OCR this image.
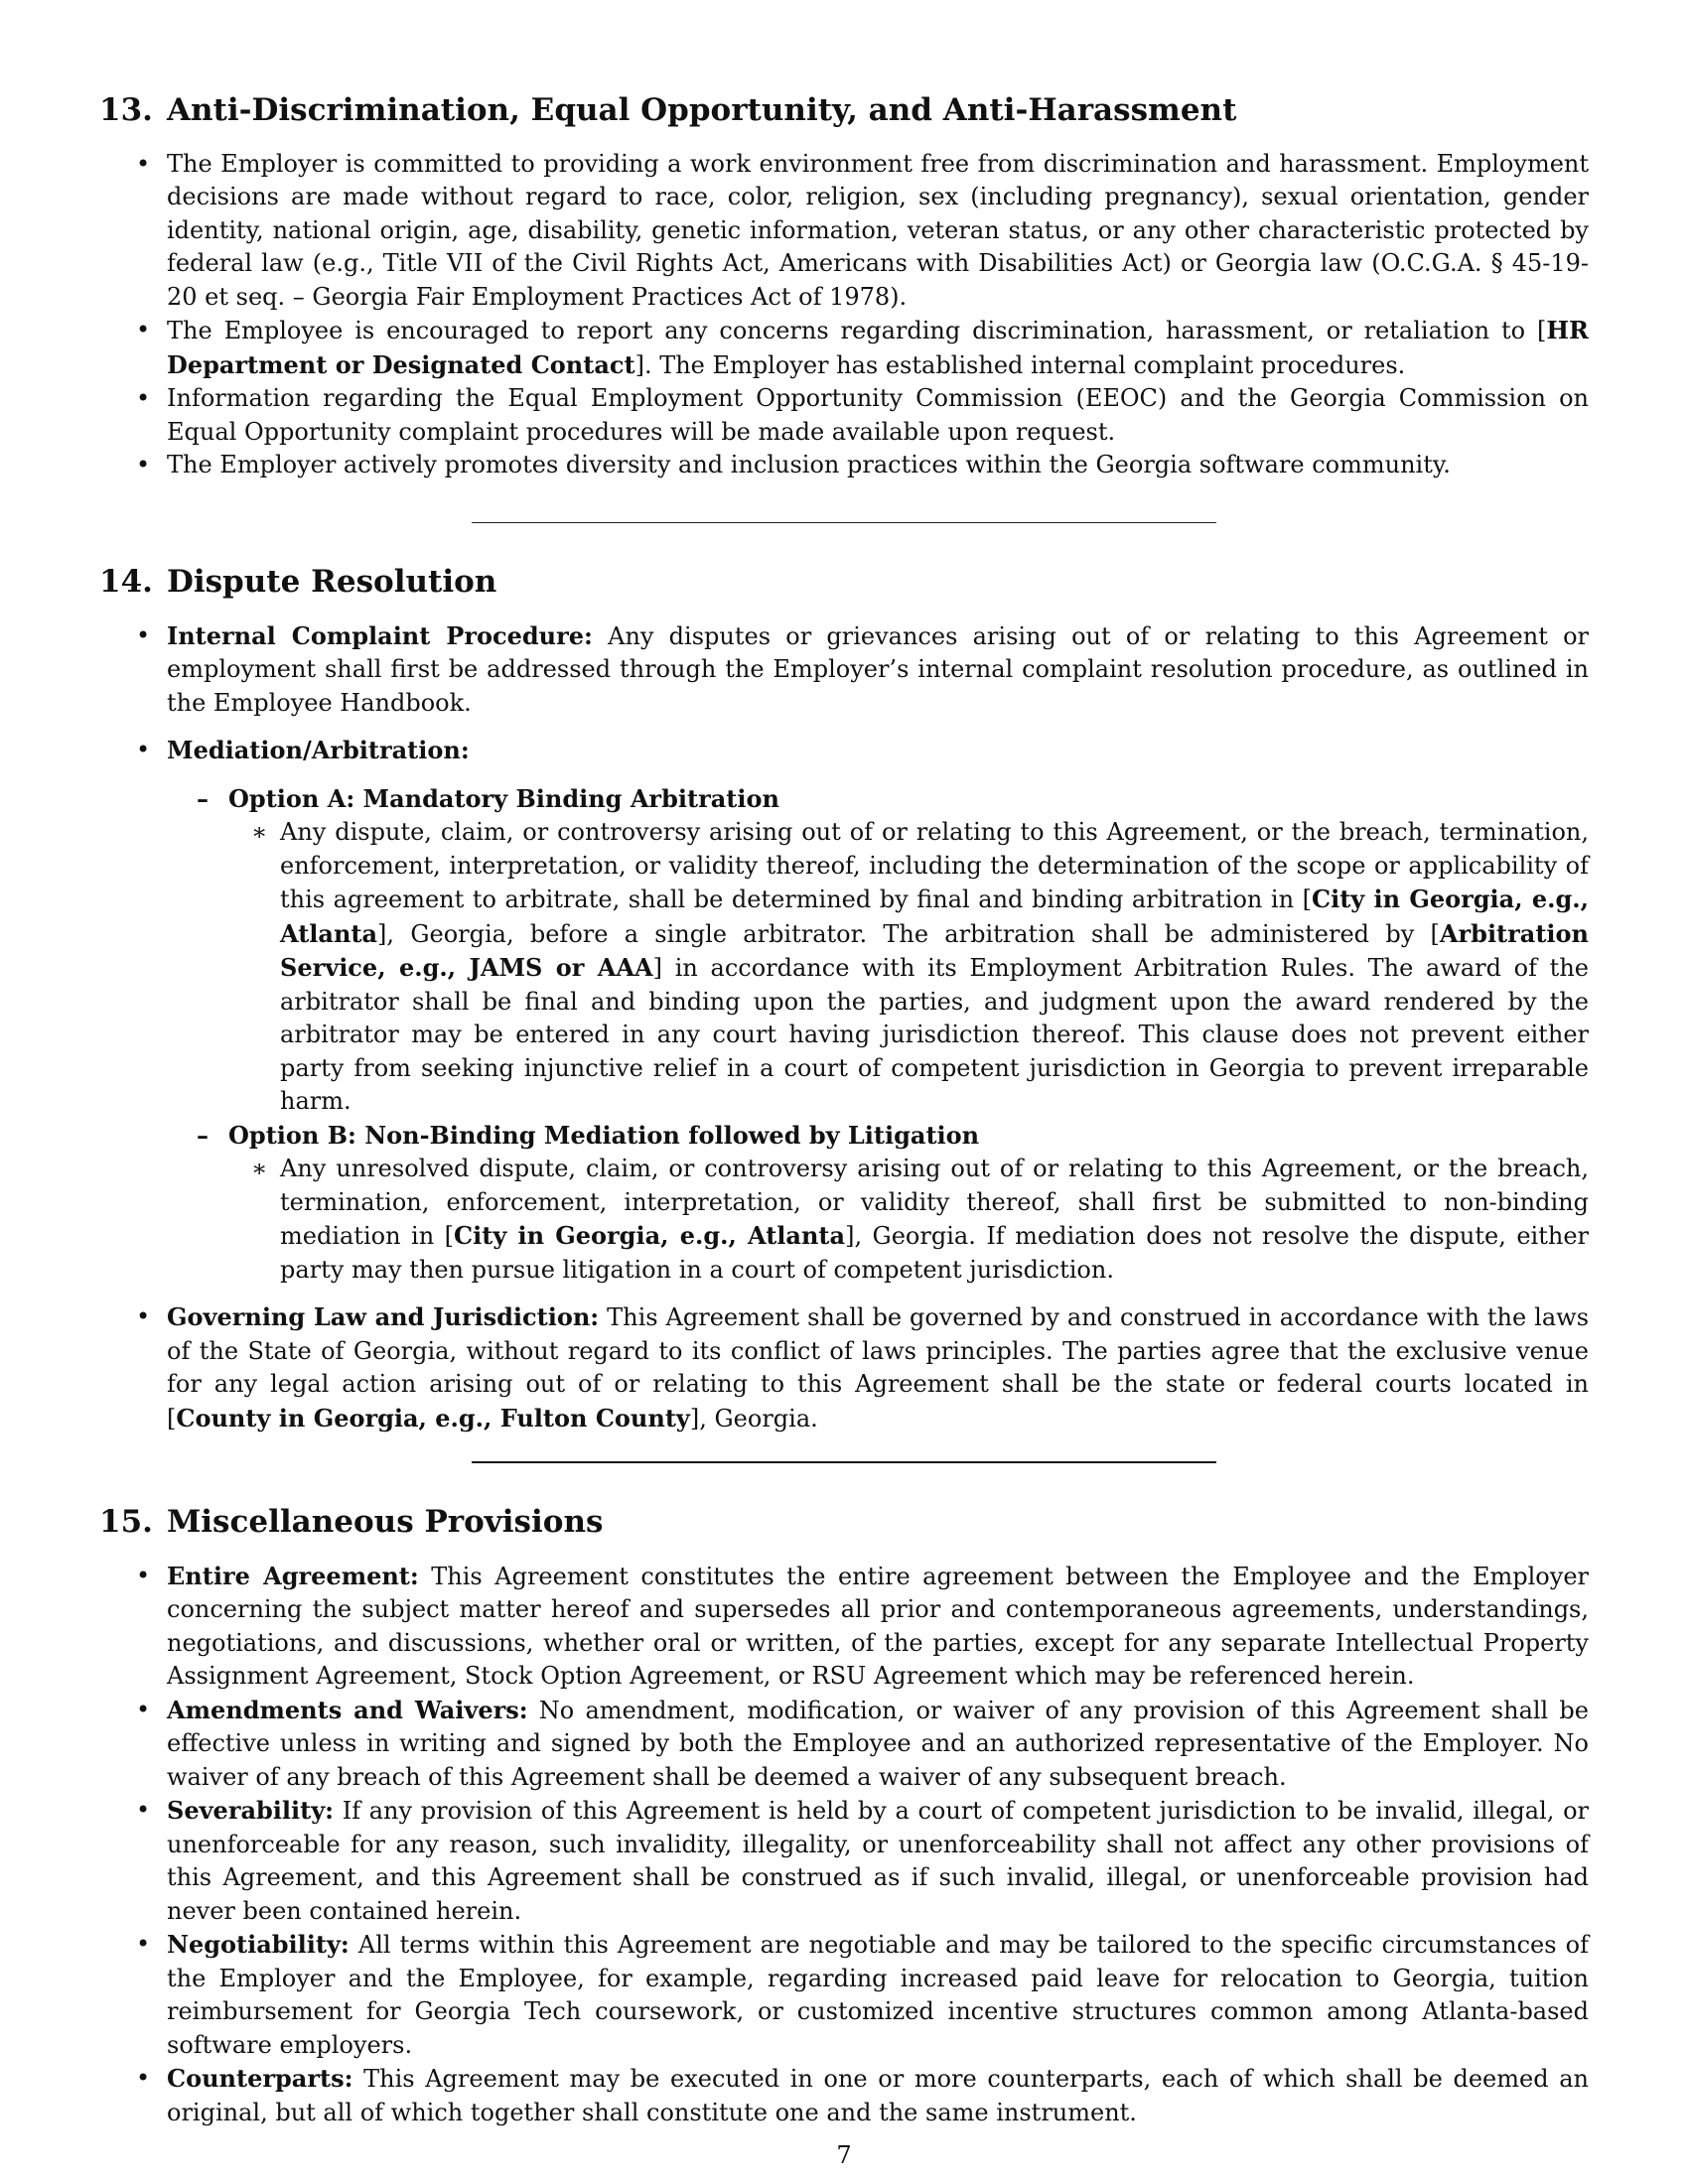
13. Anti-Discrimination, Equal Opportunity, and Anti-Harassment
• The Employer is committed to providing a work environment free from discrimination and harassment. Employment decisions are made without regard to race, color, religion, sex (including pregnancy), sexual orientation, gender identity, national origin, age, disability, genetic information, veteran status, or any other characteristic protected by federal law (e.g., Title VII of the Civil Rights Act, Americans with Disabilities Act) or Georgia law (O.C.G.A. § 45-19-20 et seq. – Georgia Fair Employment Practices Act of 1978).
• The Employee is encouraged to report any concerns regarding discrimination, harassment, or retaliation to [HR Department or Designated Contact]. The Employer has established internal complaint procedures.
• Information regarding the Equal Employment Opportunity Commission (EEOC) and the Georgia Commission on Equal Opportunity complaint procedures will be made available upon request.
• The Employer actively promotes diversity and inclusion practices within the Georgia software community.
14. Dispute Resolution
• Internal Complaint Procedure: Any disputes or grievances arising out of or relating to this Agreement or employment shall first be addressed through the Employer’s internal complaint resolution procedure, as outlined in the Employee Handbook.
• Mediation/Arbitration:
– Option A: Mandatory Binding Arbitration
∗ Any dispute, claim, or controversy arising out of or relating to this Agreement, or the breach, termination, enforcement, interpretation, or validity thereof, including the determination of the scope or applicability of this agreement to arbitrate, shall be determined by final and binding arbitration in [City in Georgia, e.g., Atlanta], Georgia, before a single arbitrator. The arbitration shall be administered by [Arbitration Service, e.g., JAMS or AAA] in accordance with its Employment Arbitration Rules. The award of the arbitrator shall be final and binding upon the parties, and judgment upon the award rendered by the arbitrator may be entered in any court having jurisdiction thereof. This clause does not prevent either party from seeking injunctive relief in a court of competent jurisdiction in Georgia to prevent irreparable harm.
– Option B: Non-Binding Mediation followed by Litigation
∗ Any unresolved dispute, claim, or controversy arising out of or relating to this Agreement, or the breach, termination, enforcement, interpretation, or validity thereof, shall first be submitted to non-binding mediation in [City in Georgia, e.g., Atlanta], Georgia. If mediation does not resolve the dispute, either party may then pursue litigation in a court of competent jurisdiction.
• Governing Law and Jurisdiction: This Agreement shall be governed by and construed in accordance with the laws of the State of Georgia, without regard to its conflict of laws principles. The parties agree that the exclusive venue for any legal action arising out of or relating to this Agreement shall be the state or federal courts located in [County in Georgia, e.g., Fulton County], Georgia.
15. Miscellaneous Provisions
• Entire Agreement: This Agreement constitutes the entire agreement between the Employee and the Employer concerning the subject matter hereof and supersedes all prior and contemporaneous agreements, understandings, negotiations, and discussions, whether oral or written, of the parties, except for any separate Intellectual Property Assignment Agreement, Stock Option Agreement, or RSU Agreement which may be referenced herein.
• Amendments and Waivers: No amendment, modification, or waiver of any provision of this Agreement shall be effective unless in writing and signed by both the Employee and an authorized representative of the Employer. No waiver of any breach of this Agreement shall be deemed a waiver of any subsequent breach.
• Severability: If any provision of this Agreement is held by a court of competent jurisdiction to be invalid, illegal, or unenforceable for any reason, such invalidity, illegality, or unenforceability shall not affect any other provisions of this Agreement, and this Agreement shall be construed as if such invalid, illegal, or unenforceable provision had never been contained herein.
• Negotiability: All terms within this Agreement are negotiable and may be tailored to the specific circumstances of the Employer and the Employee, for example, regarding increased paid leave for relocation to Georgia, tuition reimbursement for Georgia Tech coursework, or customized incentive structures common among Atlanta-based software employers.
• Counterparts: This Agreement may be executed in one or more counterparts, each of which shall be deemed an original, but all of which together shall constitute one and the same instrument.
7
